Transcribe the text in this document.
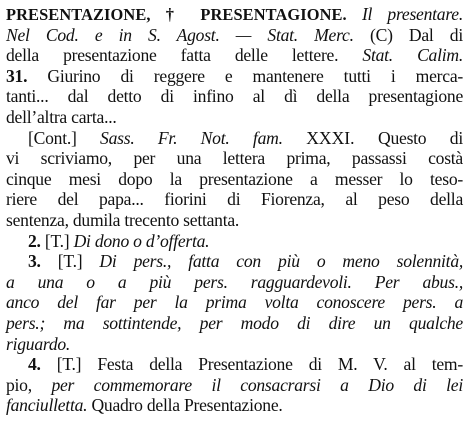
PRESENTAZIONE, † PRESENTAGIONE. Il presentare.
Nel Cod. e in S. Agost. — Stat. Merc. (C) Dal di
della presentazione fatta delle lettere. Stat. Calim.
31. Giurino di reggere e mantenere tutti i merca-
tanti... dal detto di infino al dì della presentagione
dell’altra carta...
[Cont.] Sass. Fr. Not. fam. XXXI. Questo di
vi scriviamo, per una lettera prima, passassi costà
cinque mesi dopo la presentazione a messer lo teso-
riere del papa... fiorini di Fiorenza, al peso della
sentenza, dumila trecento settanta.
2. [T.] Di dono o d’offerta.
3. [T.] Di pers., fatta con più o meno solennità,
a una o a più pers. ragguardevoli. Per abus.,
anco del far per la prima volta conoscere pers. a
pers.; ma sottintende, per modo di dire un qualche
riguardo.
4. [T.] Festa della Presentazione di M. V. al tem-
pio, per commemorare il consacrarsi a Dio di lei
fanciulletta. Quadro della Presentazione.
